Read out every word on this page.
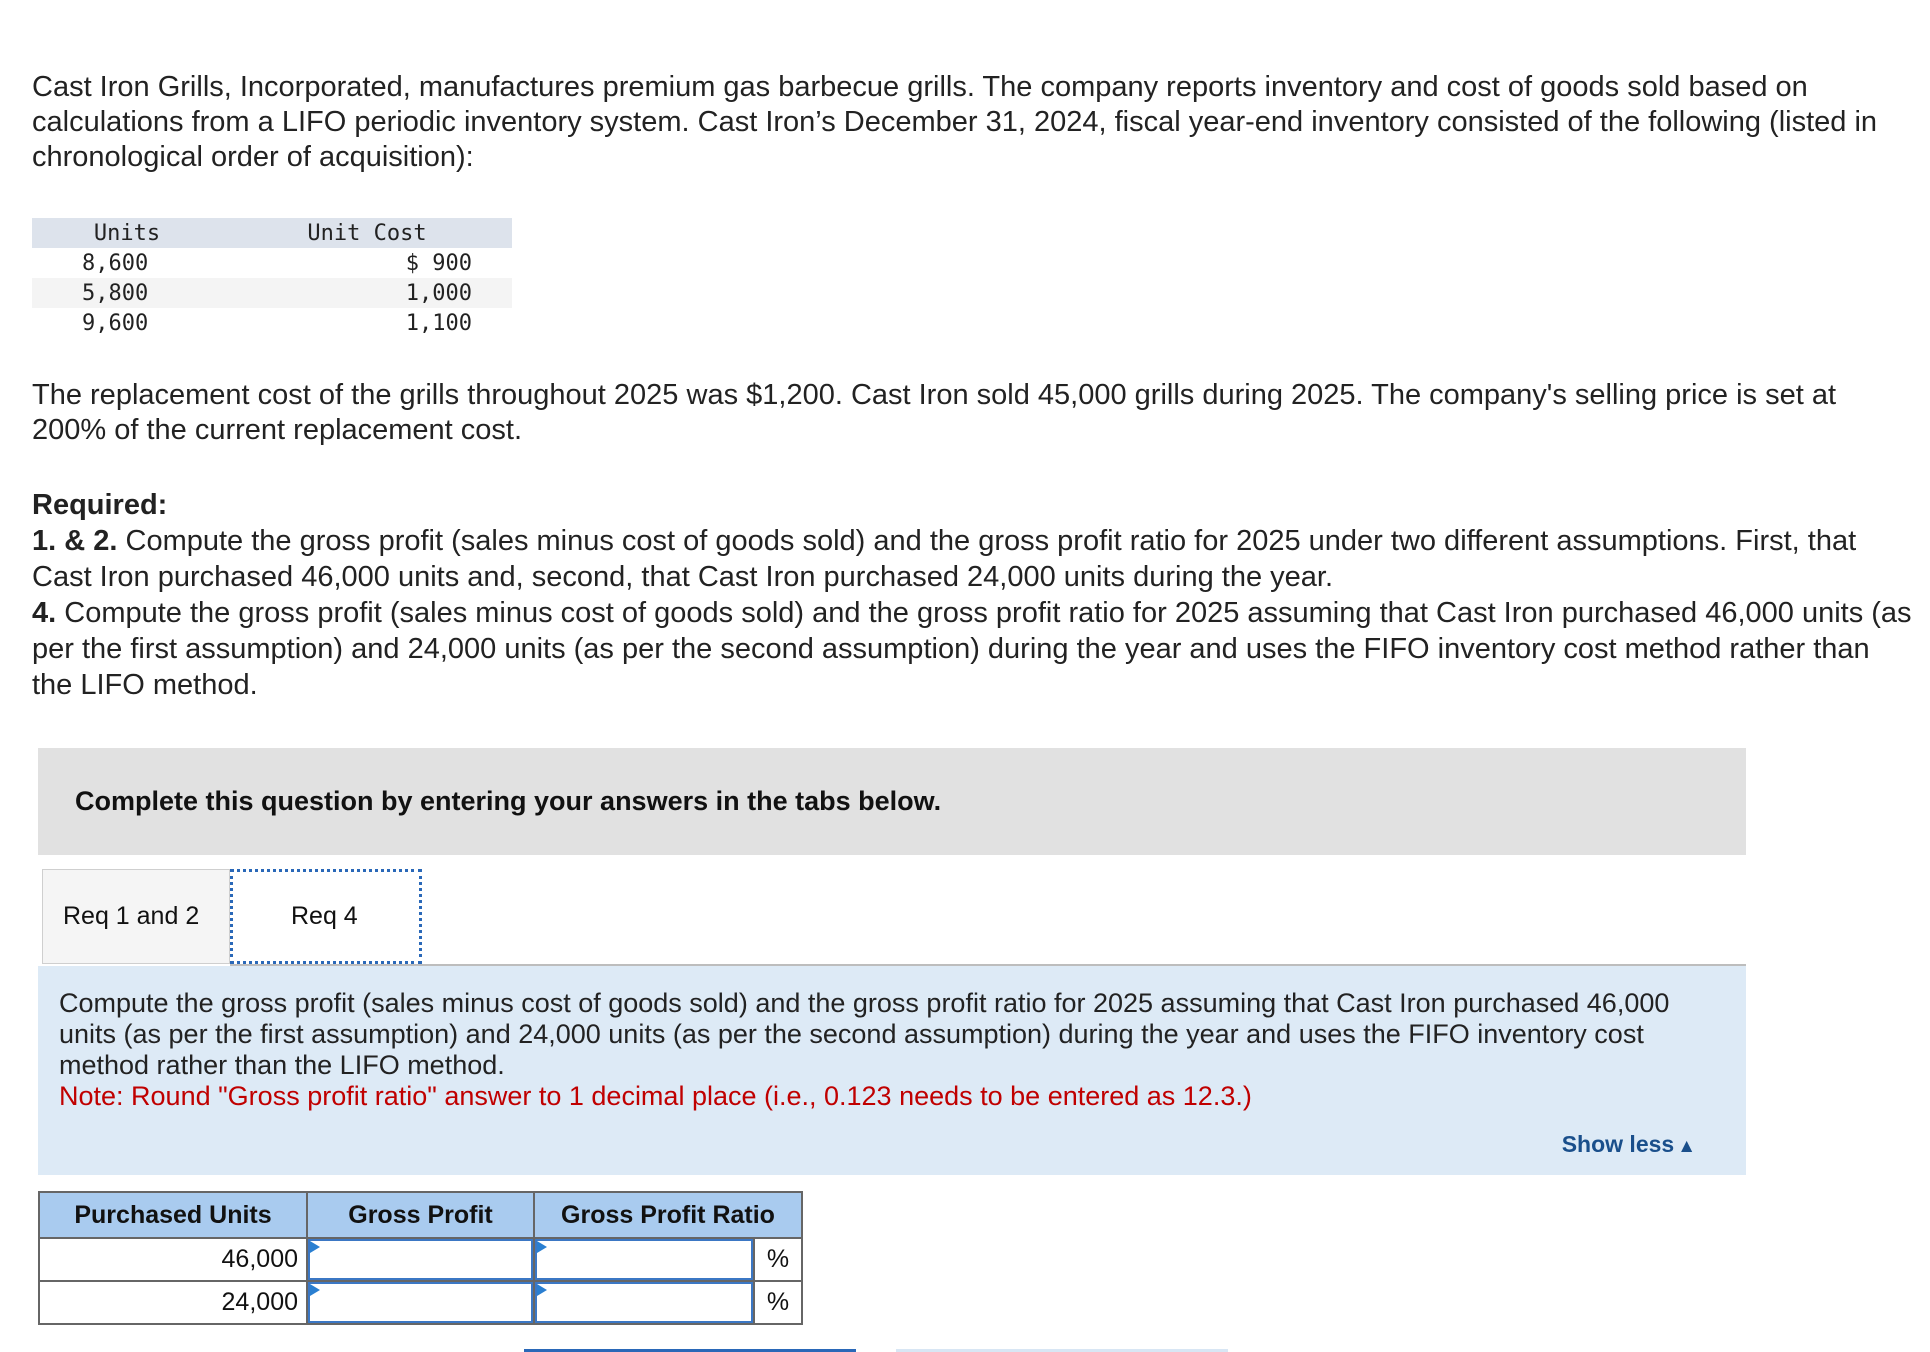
Cast Iron Grills, Incorporated, manufactures premium gas barbecue grills. The company reports inventory and cost of goods sold based on calculations from a LIFO periodic inventory system. Cast Iron’s December 31, 2024, fiscal year-end inventory consisted of the following (listed in chronological order of acquisition):

Units	Unit Cost
8,600	$ 900
5,800	1,000
9,600	1,100

The replacement cost of the grills throughout 2025 was $1,200. Cast Iron sold 45,000 grills during 2025. The company's selling price is set at 200% of the current replacement cost.

Required:

1. & 2. Compute the gross profit (sales minus cost of goods sold) and the gross profit ratio for 2025 under two different assumptions. First, that Cast Iron purchased 46,000 units and, second, that Cast Iron purchased 24,000 units during the year.

4. Compute the gross profit (sales minus cost of goods sold) and the gross profit ratio for 2025 assuming that Cast Iron purchased 46,000 units (as per the first assumption) and 24,000 units (as per the second assumption) during the year and uses the FIFO inventory cost method rather than the LIFO method.

Complete this question by entering your answers in the tabs below.
Req 1 and 2	Req 4

Compute the gross profit (sales minus cost of goods sold) and the gross profit ratio for 2025 assuming that Cast Iron purchased 46,000 units (as per the first assumption) and 24,000 units (as per the second assumption) during the year and uses the FIFO inventory cost method rather than the LIFO method.

Note: Round "Gross profit ratio" answer to 1 decimal place (i.e., 0.123 needs to be entered as 12.3.)

Show less ▲
Purchased Units	Gross Profit	Gross Profit Ratio	
46,000			%
24,000			%
